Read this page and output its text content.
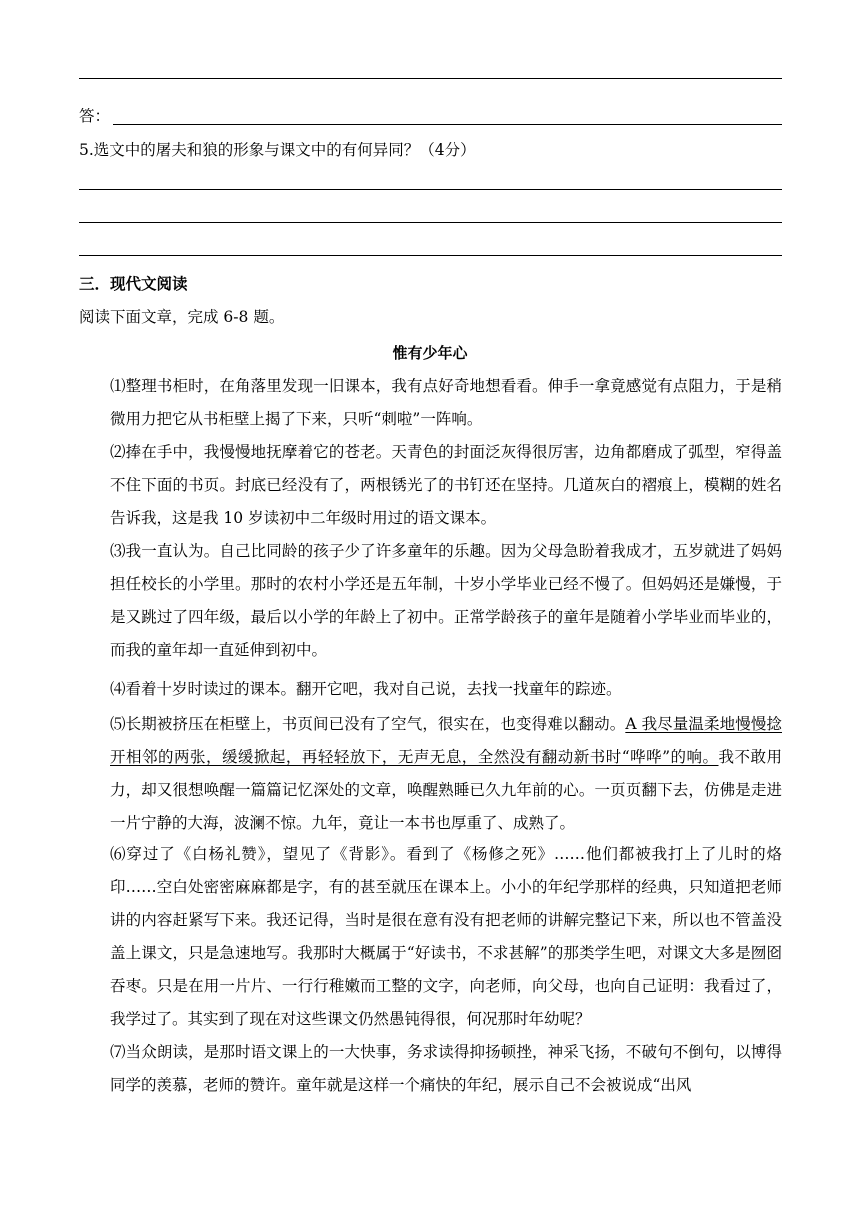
答：
5.选文中的屠夫和狼的形象与课文中的有何异同？（4分）
三．现代文阅读
阅读下面文章，完成 6-8 题。
惟有少年心
⑴整理书柜时，在角落里发现一旧课本，我有点好奇地想看看。伸手一拿竟感觉有点阻力，于是稍微用力把它从书柜壁上揭了下来，只听“刺啦”一阵响。
⑵捧在手中，我慢慢地抚摩着它的苍老。天青色的封面泛灰得很厉害，边角都磨成了弧型，窄得盖不住下面的书页。封底已经没有了，两根锈光了的书钉还在坚持。几道灰白的褶痕上，模糊的姓名告诉我，这是我 10 岁读初中二年级时用过的语文课本。
⑶我一直认为。自己比同龄的孩子少了许多童年的乐趣。因为父母急盼着我成才，五岁就进了妈妈担任校长的小学里。那时的农村小学还是五年制，十岁小学毕业已经不慢了。但妈妈还是嫌慢，于是又跳过了四年级，最后以小学的年龄上了初中。正常学龄孩子的童年是随着小学毕业而毕业的，而我的童年却一直延伸到初中。
⑷看着十岁时读过的课本。翻开它吧，我对自己说，去找一找童年的踪迹。
⑸长期被挤压在柜壁上，书页间已没有了空气，很实在，也变得难以翻动。A 我尽量温柔地慢慢捻开相邻的两张，缓缓掀起，再轻轻放下，无声无息，全然没有翻动新书时“哗哗”的响。我不敢用力，却又很想唤醒一篇篇记忆深处的文章，唤醒熟睡已久九年前的心。一页页翻下去，仿佛是走进一片宁静的大海，波澜不惊。九年，竟让一本书也厚重了、成熟了。
⑹穿过了《白杨礼赞》，望见了《背影》。看到了《杨修之死》……他们都被我打上了儿时的烙印……空白处密密麻麻都是字，有的甚至就压在课本上。小小的年纪学那样的经典，只知道把老师讲的内容赶紧写下来。我还记得，当时是很在意有没有把老师的讲解完整记下来，所以也不管盖没盖上课文，只是急速地写。我那时大概属于“好读书，不求甚解”的那类学生吧，对课文大多是囫囵吞枣。只是在用一片片、一行行稚嫩而工整的文字，向老师，向父母，也向自己证明：我看过了，我学过了。其实到了现在对这些课文仍然愚钝得很，何况那时年幼呢？
⑺当众朗读，是那时语文课上的一大快事，务求读得抑扬顿挫，神采飞扬，不破句不倒句，以博得同学的羡慕，老师的赞许。童年就是这样一个痛快的年纪，展示自己不会被说成“出风
